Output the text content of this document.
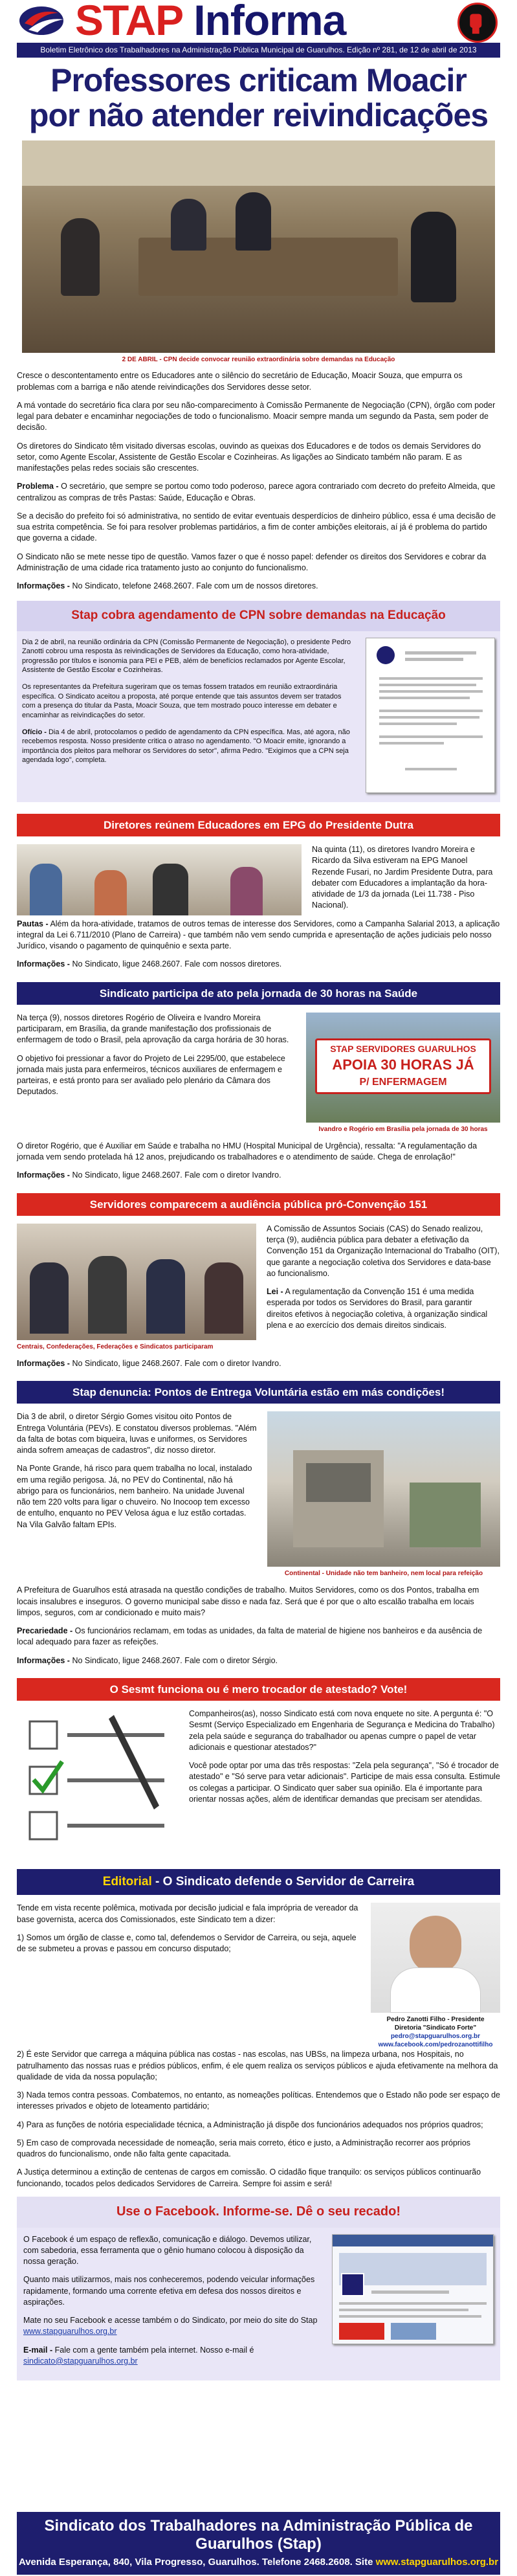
STAP Informa
Boletim Eletrônico dos Trabalhadores na Administração Pública Municipal de Guarulhos. Edição nº 281, de 12 de abril de 2013
Professores criticam Moacir
por não atender reivindicações
2 DE ABRIL - CPN decide convocar reunião extraordinária sobre demandas na Educação

Cresce o descontentamento entre os Educadores ante o silêncio do secretário de Educação, Moacir Souza, que empurra os problemas com a barriga e não atende reivindicações dos Servidores desse setor.

A má vontade do secretário fica clara por seu não-comparecimento à Comissão Permanente de Negociação (CPN), órgão com poder legal para debater e encaminhar negociações de todo o funcionalismo. Moacir sempre manda um segundo da Pasta, sem poder de decisão.

Os diretores do Sindicato têm visitado diversas escolas, ouvindo as queixas dos Educadores e de todos os demais Servidores do setor, como Agente Escolar, Assistente de Gestão Escolar e Cozinheiras. As ligações ao Sindicato também não param. E as manifestações pelas redes sociais são crescentes.

Problema - O secretário, que sempre se portou como todo poderoso, parece agora contrariado com decreto do prefeito Almeida, que centralizou as compras de três Pastas: Saúde, Educação e Obras.

Se a decisão do prefeito foi só administrativa, no sentido de evitar eventuais desperdícios de dinheiro público, essa é uma decisão de sua estrita competência. Se foi para resolver problemas partidários, a fim de conter ambições eleitorais, aí já é problema do partido que governa a cidade.

O Sindicato não se mete nesse tipo de questão. Vamos fazer o que é nosso papel: defender os direitos dos Servidores e cobrar da Administração de uma cidade rica tratamento justo ao conjunto do funcionalismo.

Informações - No Sindicato, telefone 2468.2607. Fale com um de nossos diretores.

Stap cobra agendamento de CPN sobre demandas na Educação

Dia 2 de abril, na reunião ordinária da CPN (Comissão Permanente de Negociação), o presidente Pedro Zanotti cobrou uma resposta às reivindicações de Servidores da Educação, como hora-atividade, progressão por títulos e isonomia para PEI e PEB, além de benefícios reclamados por Agente Escolar, Assistente de Gestão Escolar e Cozinheiras.

Os representantes da Prefeitura sugeriram que os temas fossem tratados em reunião extraordinária específica. O Sindicato aceitou a proposta, até porque entende que tais assuntos devem ser tratados com a presença do titular da Pasta, Moacir Souza, que tem mostrado pouco interesse em debater e encaminhar as reivindicações do setor.

Ofício - Dia 4 de abril, protocolamos o pedido de agendamento da CPN específica. Mas, até agora, não recebemos resposta. Nosso presidente critica o atraso no agendamento. "O Moacir emite, ignorando a importância dos pleitos para melhorar os Servidores do setor", afirma Pedro. "Exigimos que a CPN seja agendada logo", completa.

Diretores reúnem Educadores em EPG do Presidente Dutra

Na quinta (11), os diretores Ivandro Moreira e Ricardo da Silva estiveram na EPG Manoel Rezende Fusari, no Jardim Presidente Dutra, para debater com Educadores a implantação da hora-atividade de 1/3 da jornada (Lei 11.738 - Piso Nacional).

Pautas - Além da hora-atividade, tratamos de outros temas de interesse dos Servidores, como a Campanha Salarial 2013, a aplicação integral da Lei 6.711/2010 (Plano de Carreira) - que também não vem sendo cumprida e apresentação de ações judiciais pelo nosso Jurídico, visando o pagamento de quinquênio e sexta parte.

Informações - No Sindicato, ligue 2468.2607. Fale com nossos diretores.

Sindicato participa de ato pela jornada de 30 horas na Saúde

Na terça (9), nossos diretores Rogério de Oliveira e Ivandro Moreira participaram, em Brasília, da grande manifestação dos profissionais de enfermagem de todo o Brasil, pela aprovação da carga horária de 30 horas.

O objetivo foi pressionar a favor do Projeto de Lei 2295/00, que estabelece jornada mais justa para enfermeiros, técnicos auxiliares de enfermagem e parteiras, e está pronto para ser avaliado pelo plenário da Câmara dos Deputados.

STAP SERVIDORES GUARULHOS
APOIA 30 HORAS JÁ
P/ ENFERMAGEM
Ivandro e Rogério em Brasília pela jornada de 30 horas

O diretor Rogério, que é Auxiliar em Saúde e trabalha no HMU (Hospital Municipal de Urgência), ressalta: "A regulamentação da jornada vem sendo protelada há 12 anos, prejudicando os trabalhadores e o atendimento de saúde. Chega de enrolação!"

Informações - No Sindicato, ligue 2468.2607. Fale com o diretor Ivandro.

Servidores comparecem a audiência pública pró-Convenção 151
Centrais, Confederações, Federações e Sindicatos participaram

A Comissão de Assuntos Sociais (CAS) do Senado realizou, terça (9), audiência pública para debater a efetivação da Convenção 151 da Organização Internacional do Trabalho (OIT), que garante a negociação coletiva dos Servidores e data-base ao funcionalismo.

Lei - A regulamentação da Convenção 151 é uma medida esperada por todos os Servidores do Brasil, para garantir direitos efetivos à negociação coletiva, à organização sindical plena e ao exercício dos demais direitos sindicais.

Informações - No Sindicato, ligue 2468.2607. Fale com o diretor Ivandro.

Stap denuncia: Pontos de Entrega Voluntária estão em más condições!

Dia 3 de abril, o diretor Sérgio Gomes visitou oito Pontos de Entrega Voluntária (PEVs). E constatou diversos problemas. "Além da falta de botas com biqueira, luvas e uniformes, os Servidores ainda sofrem ameaças de cadastros", diz nosso diretor.

Na Ponte Grande, há risco para quem trabalha no local, instalado em uma região perigosa. Já, no PEV do Continental, não há abrigo para os funcionários, nem banheiro. Na unidade Juvenal não tem 220 volts para ligar o chuveiro. No Inocoop tem excesso de entulho, enquanto no PEV Velosa água e luz estão cortadas. Na Vila Galvão faltam EPIs.

Continental - Unidade não tem banheiro, nem local para refeição

A Prefeitura de Guarulhos está atrasada na questão condições de trabalho. Muitos Servidores, como os dos Pontos, trabalha em locais insalubres e inseguros. O governo municipal sabe disso e nada faz. Será que é por que o alto escalão trabalha em locais limpos, seguros, com ar condicionado e muito mais?

Precariedade - Os funcionários reclamam, em todas as unidades, da falta de material de higiene nos banheiros e da ausência de local adequado para fazer as refeições.

Informações - No Sindicato, ligue 2468.2607. Fale com o diretor Sérgio.

O Sesmt funciona ou é mero trocador de atestado? Vote!

Companheiros(as), nosso Sindicato está com nova enquete no site. A pergunta é: "O Sesmt (Serviço Especializado em Engenharia de Segurança e Medicina do Trabalho) zela pela saúde e segurança do trabalhador ou apenas cumpre o papel de vetar adicionais e questionar atestados?"

Você pode optar por uma das três respostas: "Zela pela segurança", "Só é trocador de atestado" e "Só serve para vetar adicionais". Participe de mais essa consulta. Estimule os colegas a participar. O Sindicato quer saber sua opinião. Ela é importante para orientar nossas ações, além de identificar demandas que precisam ser atendidas.

Editorial - O Sindicato defende o Servidor de Carreira

Tende em vista recente polêmica, motivada por decisão judicial e fala imprópria de vereador da base governista, acerca dos Comissionados, este Sindicato tem a dizer:

1) Somos um órgão de classe e, como tal, defendemos o Servidor de Carreira, ou seja, aquele de se submeteu a provas e passou em concurso disputado;

Pedro Zanotti Filho - Presidente
Diretoria "Sindicato Forte"
pedro@stapguarulhos.org.br
www.facebook.com/pedrozanottifilho

2) É este Servidor que carrega a máquina pública nas costas - nas escolas, nas UBSs, na limpeza urbana, nos Hospitais, no patrulhamento das nossas ruas e prédios públicos, enfim, é ele quem realiza os serviços públicos e ajuda efetivamente na melhora da qualidade de vida da nossa população;

3) Nada temos contra pessoas. Combatemos, no entanto, as nomeações políticas. Entendemos que o Estado não pode ser espaço de interesses privados e objeto de loteamento partidário;

4) Para as funções de notória especialidade técnica, a Administração já dispõe dos funcionários adequados nos próprios quadros;

5) Em caso de comprovada necessidade de nomeação, seria mais correto, ético e justo, a Administração recorrer aos próprios quadros do funcionalismo, onde não falta gente capacitada.

A Justiça determinou a extinção de centenas de cargos em comissão. O cidadão fique tranquilo: os serviços públicos continuarão funcionando, tocados pelos dedicados Servidores de Carreira. Sempre foi assim e será!

Use o Facebook. Informe-se. Dê o seu recado!

O Facebook é um espaço de reflexão, comunicação e diálogo. Devemos utilizar, com sabedoria, essa ferramenta que o gênio humano colocou à disposição da nossa geração.

Quanto mais utilizarmos, mais nos conheceremos, podendo veicular informações rapidamente, formando uma corrente efetiva em defesa dos nossos direitos e aspirações.

Mate no seu Facebook e acesse também o do Sindicato, por meio do site do Stap www.stapguarulhos.org.br

E-mail - Fale com a gente também pela internet. Nosso e-mail é sindicato@stapguarulhos.org.br

Sindicato dos Trabalhadores na Administração Pública de Guarulhos (Stap)
Avenida Esperança, 840, Vila Progresso, Guarulhos. Telefone 2468.2608. Site www.stapguarulhos.org.br
